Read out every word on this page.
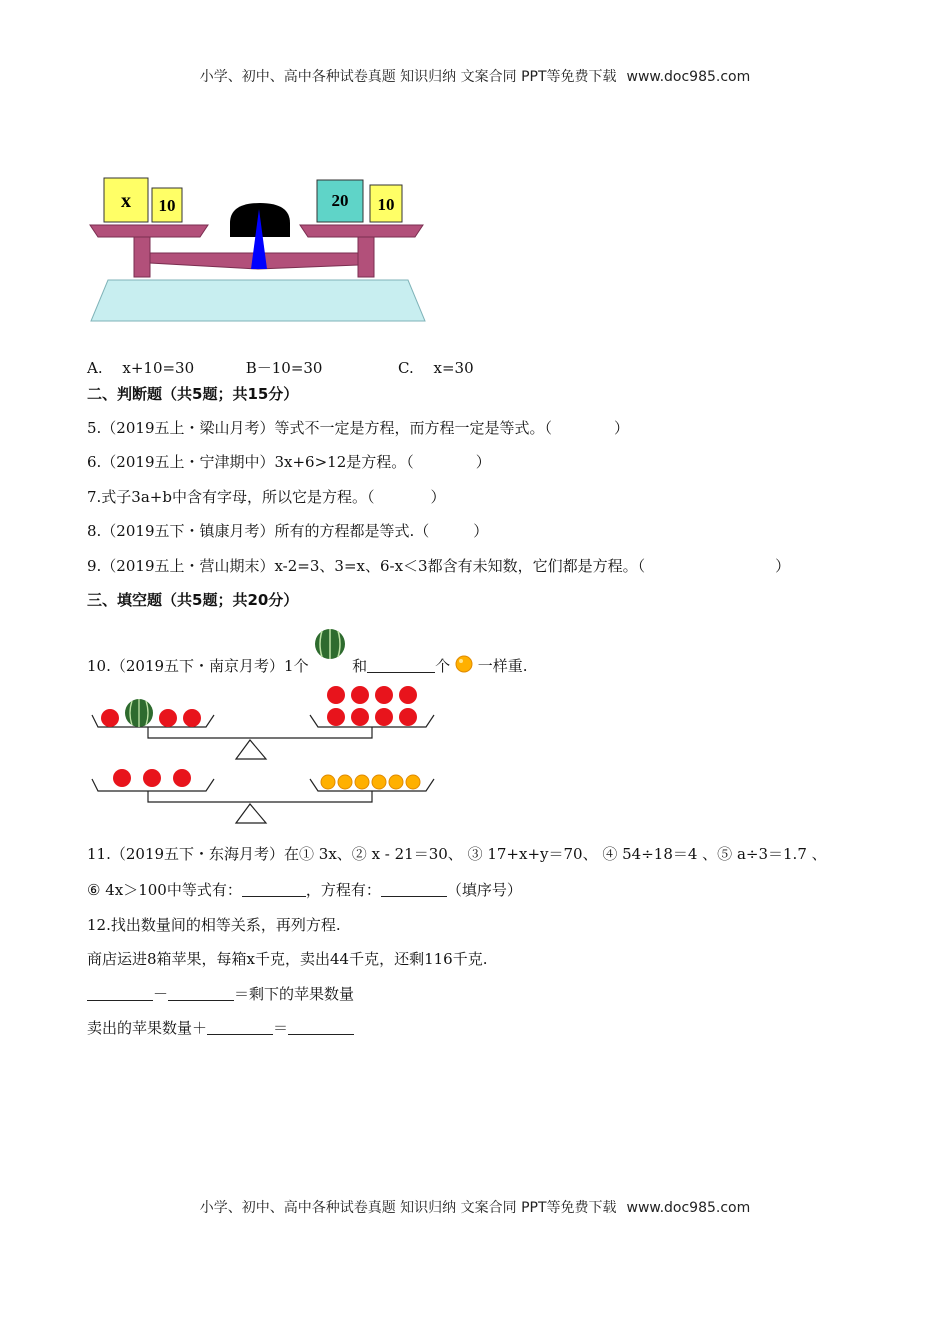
小学、初中、高中各种试卷真题 知识归纳 文案合同 PPT等免费下载 www.doc985.com
x 10	20 10
A.　 x+10=30	B－10=30	C.　 x=30
二、判断题（共5题；共15分）
5.（2019五上・梁山月考）等式不一定是方程，而方程一定是等式。（	）
6.（2019五上・宁津期中）3x+6>12是方程。（	）
7.式子3a+b中含有字母，所以它是方程。（	）
8.（2019五下・镇康月考）所有的方程都是等式.（	）
9.（2019五上・营山期末）x-2=3、3=x、6-x＜3都含有未知数，它们都是方程。（	）
三、填空题（共5题；共20分）
10.（2019五下・南京月考）1个	和	个 一样重.
11.（2019五下・东海月考）在① 3x、② x - 21＝30、 ③ 17+x+y＝70、 ④ 54÷18＝4 、⑤ a÷3＝1.7 、
⑥ 4x＞100中等式有：	，方程有：	（填序号）
12.找出数量间的相等关系，再列方程.
商店运进8箱苹果，每箱x千克，卖出44千克，还剩116千克.
－	＝剩下的苹果数量
卖出的苹果数量＋	＝
小学、初中、高中各种试卷真题 知识归纳 文案合同 PPT等免费下载 www.doc985.com
